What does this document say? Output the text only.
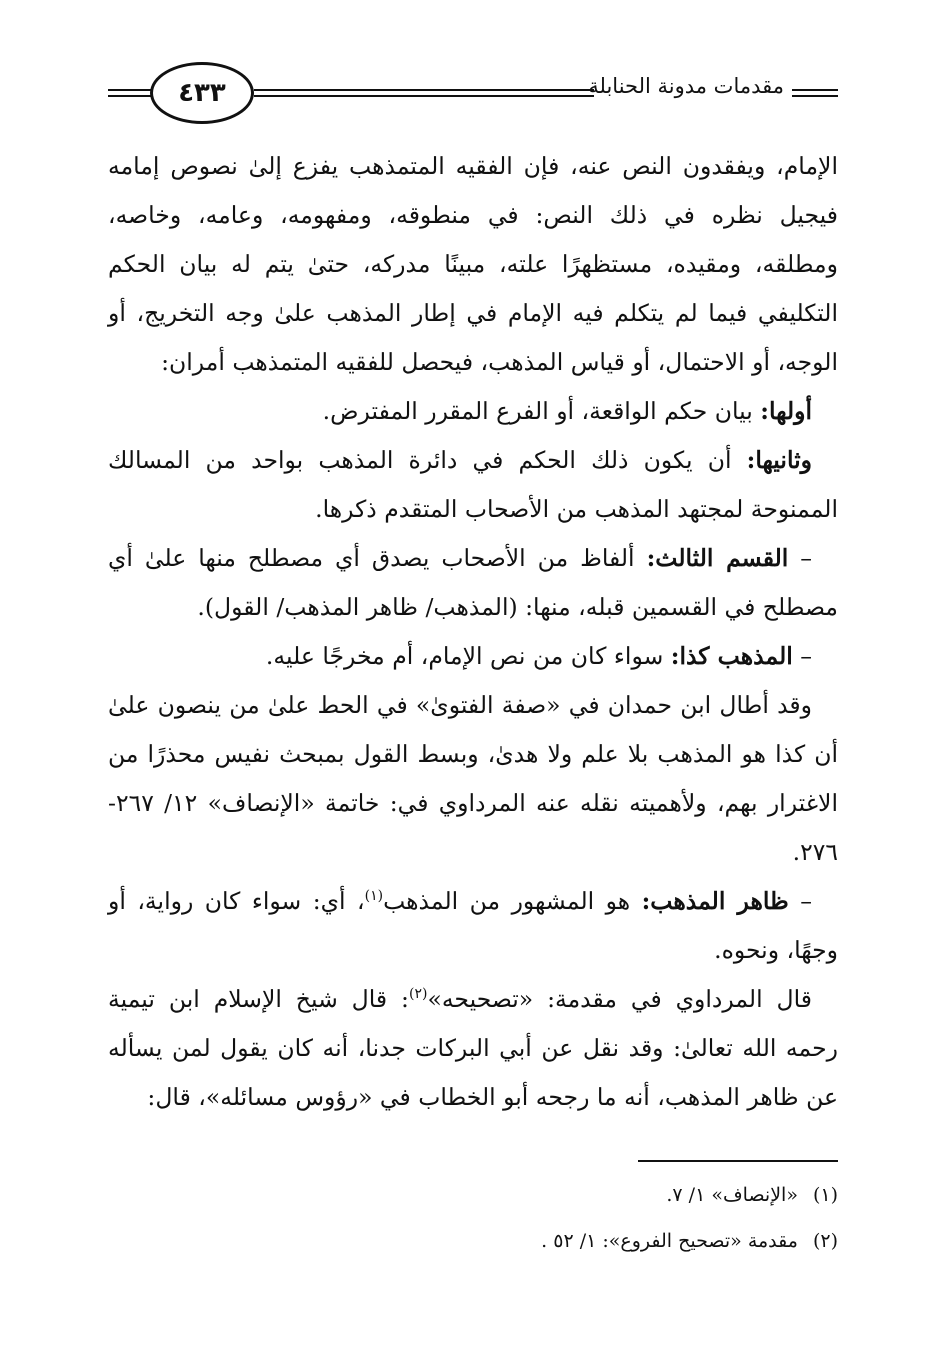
٤٣٣	مقدمات مدونة الحنابلة

الإمام، ويفقدون النص عنه، فإن الفقيه المتمذهب يفزع إلىٰ نصوص إمامه فيجيل نظره في ذلك النص: في منطوقه، ومفهومه، وعامه، وخاصه، ومطلقه، ومقيده، مستظهرًا علته، مبينًا مدركه، حتىٰ يتم له بيان الحكم التكليفي فيما لم يتكلم فيه الإمام في إطار المذهب علىٰ وجه التخريج، أو الوجه، أو الاحتمال، أو قياس المذهب، فيحصل للفقيه المتمذهب أمران:

أولها: بيان حكم الواقعة، أو الفرع المقرر المفترض.

وثانيها: أن يكون ذلك الحكم في دائرة المذهب بواحد من المسالك الممنوحة لمجتهد المذهب من الأصحاب المتقدم ذكرها.

– القسم الثالث: ألفاظ من الأصحاب يصدق أي مصطلح منها علىٰ أي مصطلح في القسمين قبله، منها: (المذهب/ ظاهر المذهب/ القول).

– المذهب كذا: سواء كان من نص الإمام، أم مخرجًا عليه.

وقد أطال ابن حمدان في «صفة الفتوىٰ» في الحط علىٰ من ينصون علىٰ أن كذا هو المذهب بلا علم ولا هدىٰ، وبسط القول بمبحث نفيس محذرًا من الاغترار بهم، ولأهميته نقله عنه المرداوي في: خاتمة «الإنصاف» ١٢/ ٢٦٧- ٢٧٦.

– ظاهر المذهب: هو المشهور من المذهب$^{(١)}$، أي: سواء كان رواية، أو وجهًا، ونحوه.

قال المرداوي في مقدمة: «تصحيحه»$^{(٢)}$: قال شيخ الإسلام ابن تيمية رحمه الله تعالىٰ: وقد نقل عن أبي البركات جدنا، أنه كان يقول لمن يسأله عن ظاهر المذهب، أنه ما رجحه أبو الخطاب في «رؤوس مسائله»، قال:

(١) «الإنصاف» ١/ ٧.

(٢) مقدمة «تصحيح الفروع»: ١/ ٥٢ .
